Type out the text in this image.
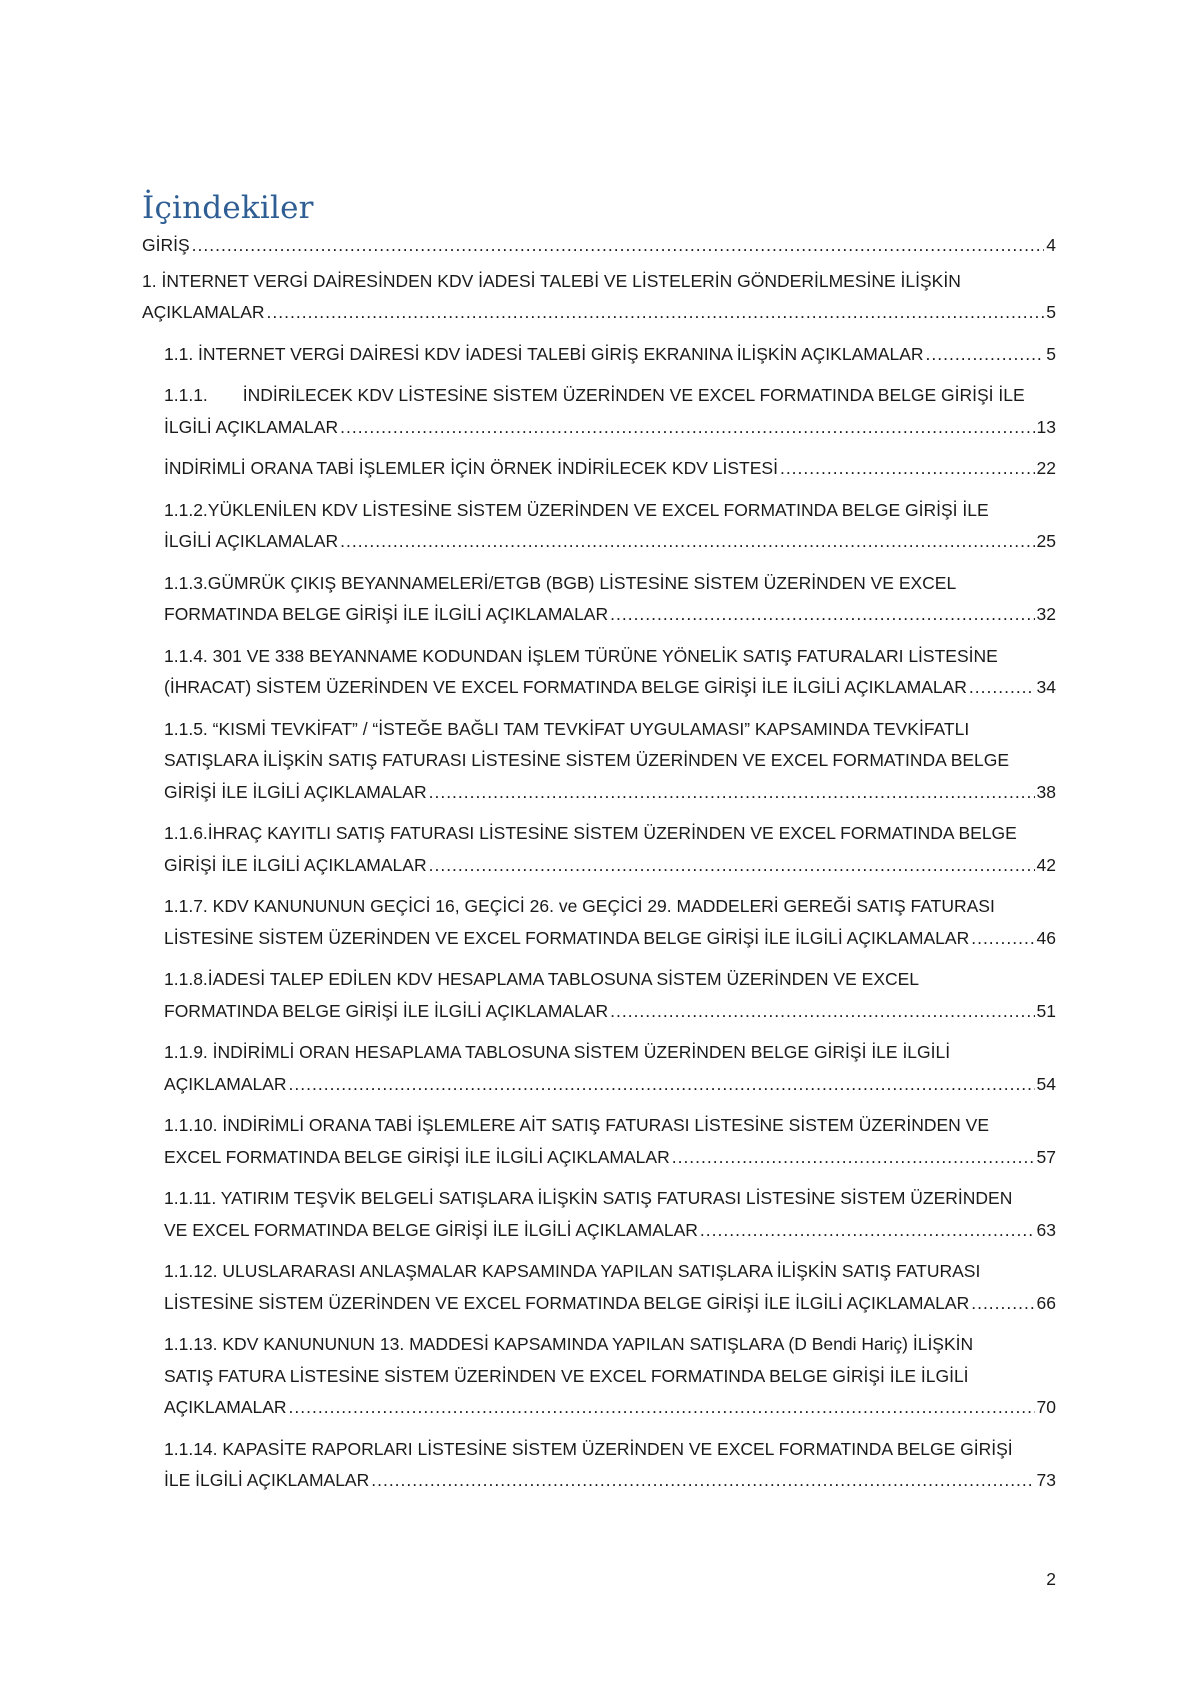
İçindekiler
GİRİŞ .....	4
1. İNTERNET VERGİ DAİRESİNDEN KDV İADESİ TALEBİ VE LİSTELERİN GÖNDERİLMESİNE İLİŞKİN
AÇIKLAMALAR .....	5
1.1. İNTERNET VERGİ DAİRESİ KDV İADESİ TALEBİ GİRİŞ EKRANINA İLİŞKİN AÇIKLAMALAR .....	5
1.1.1.  İNDİRİLECEK KDV LİSTESİNE SİSTEM ÜZERİNDEN VE EXCEL FORMATINDA BELGE GİRİŞİ İLE
İLGİLİ AÇIKLAMALAR .....	13
İNDİRİMLİ ORANA TABİ İŞLEMLER İÇİN ÖRNEK İNDİRİLECEK KDV LİSTESİ .....	22
1.1.2.YÜKLENİLEN KDV LİSTESİNE SİSTEM ÜZERİNDEN VE EXCEL FORMATINDA BELGE GİRİŞİ İLE
İLGİLİ AÇIKLAMALAR .....	25
1.1.3.GÜMRÜK ÇIKIŞ BEYANNAMELERİ/ETGB (BGB) LİSTESİNE SİSTEM ÜZERİNDEN VE EXCEL
FORMATINDA BELGE GİRİŞİ İLE İLGİLİ AÇIKLAMALAR .....	32
1.1.4. 301 VE 338 BEYANNAME KODUNDAN İŞLEM TÜRÜNE YÖNELİK SATIŞ FATURALARI LİSTESİNE
(İHRACAT) SİSTEM ÜZERİNDEN VE EXCEL FORMATINDA BELGE GİRİŞİ İLE İLGİLİ AÇIKLAMALAR .....	34
1.1.5. “KISMİ TEVKİFAT” / “İSTEĞE BAĞLI TAM TEVKİFAT UYGULAMASI” KAPSAMINDA TEVKİFATLI
SATIŞLARA İLİŞKİN SATIŞ FATURASI LİSTESİNE SİSTEM ÜZERİNDEN VE EXCEL FORMATINDA BELGE
GİRİŞİ İLE İLGİLİ AÇIKLAMALAR .....	38
1.1.6.İHRAÇ KAYITLI SATIŞ FATURASI LİSTESİNE SİSTEM ÜZERİNDEN VE EXCEL FORMATINDA BELGE
GİRİŞİ İLE İLGİLİ AÇIKLAMALAR .....	42
1.1.7. KDV KANUNUNUN GEÇİCİ 16, GEÇİCİ 26. ve GEÇİCİ 29. MADDELERİ GEREĞİ SATIŞ FATURASI
LİSTESİNE SİSTEM ÜZERİNDEN VE EXCEL FORMATINDA BELGE GİRİŞİ İLE İLGİLİ AÇIKLAMALAR .....	46
1.1.8.İADESİ TALEP EDİLEN KDV HESAPLAMA TABLOSUNA SİSTEM ÜZERİNDEN VE EXCEL
FORMATINDA BELGE GİRİŞİ İLE İLGİLİ AÇIKLAMALAR .....	51
1.1.9. İNDİRİMLİ ORAN HESAPLAMA TABLOSUNA SİSTEM ÜZERİNDEN BELGE GİRİŞİ İLE İLGİLİ
AÇIKLAMALAR .....	54
1.1.10. İNDİRİMLİ ORANA TABİ İŞLEMLERE AİT SATIŞ FATURASI LİSTESİNE SİSTEM ÜZERİNDEN VE
EXCEL FORMATINDA BELGE GİRİŞİ İLE İLGİLİ AÇIKLAMALAR .....	57
1.1.11. YATIRIM TEŞVİK BELGELİ SATIŞLARA İLİŞKİN SATIŞ FATURASI LİSTESİNE SİSTEM ÜZERİNDEN
VE EXCEL FORMATINDA BELGE GİRİŞİ İLE İLGİLİ AÇIKLAMALAR .....	63
1.1.12. ULUSLARARASI ANLAŞMALAR KAPSAMINDA YAPILAN SATIŞLARA İLİŞKİN SATIŞ FATURASI
LİSTESİNE SİSTEM ÜZERİNDEN VE EXCEL FORMATINDA BELGE GİRİŞİ İLE İLGİLİ AÇIKLAMALAR .....	66
1.1.13. KDV KANUNUNUN 13. MADDESİ KAPSAMINDA YAPILAN SATIŞLARA (D Bendi Hariç) İLİŞKİN
SATIŞ FATURA LİSTESİNE SİSTEM ÜZERİNDEN VE EXCEL FORMATINDA BELGE GİRİŞİ İLE İLGİLİ
AÇIKLAMALAR .....	70
1.1.14. KAPASİTE RAPORLARI LİSTESİNE SİSTEM ÜZERİNDEN VE EXCEL FORMATINDA BELGE GİRİŞİ
İLE İLGİLİ AÇIKLAMALAR .....	73
2
